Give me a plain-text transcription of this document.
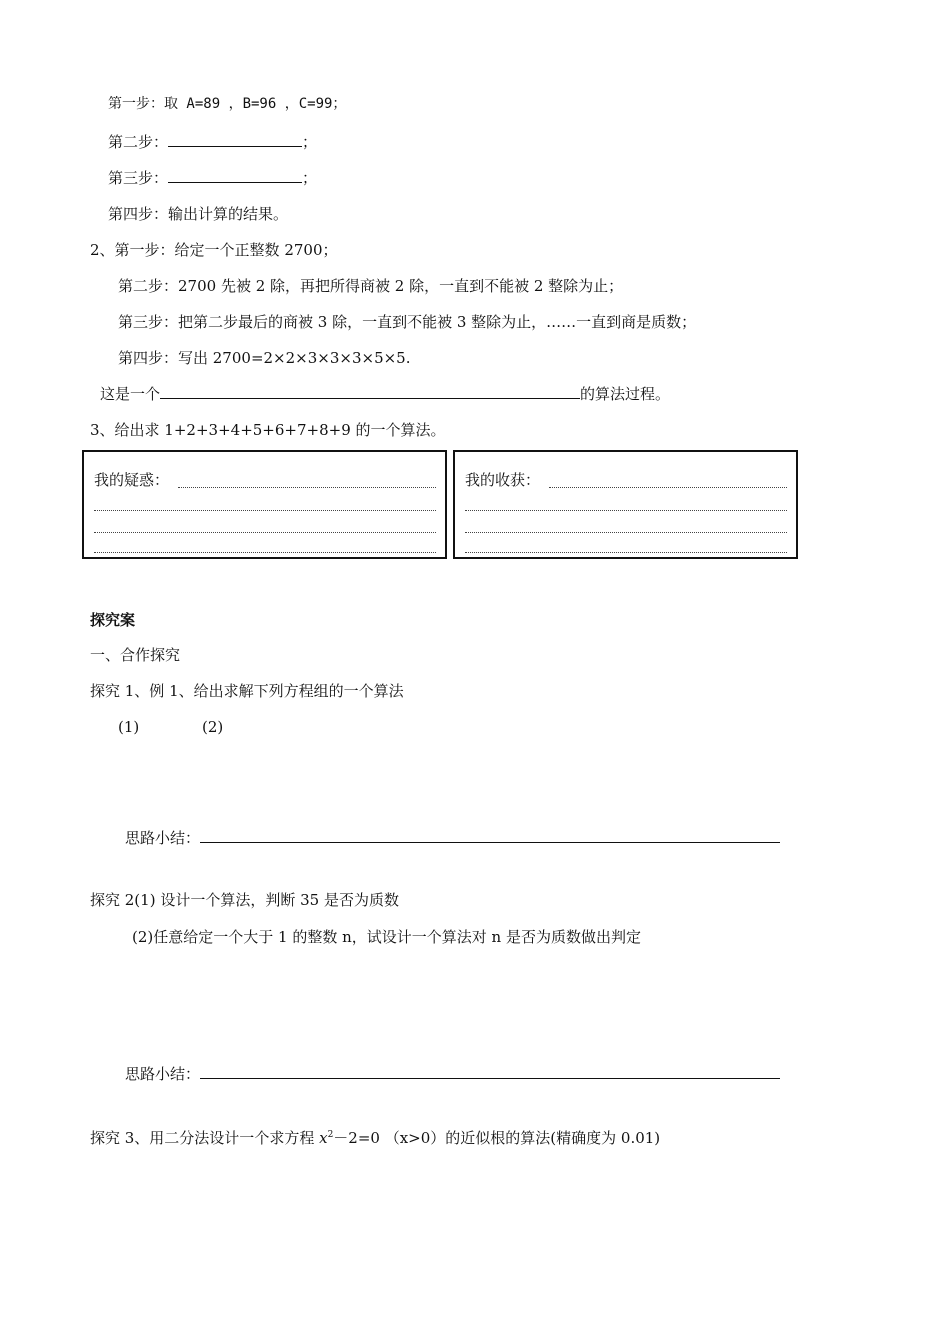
第一步：取 A=89 ，B=96 ，C=99；
第二步：	；
第三步：	；
第四步：输出计算的结果。
2、第一步：给定一个正整数 2700；
第二步：2700 先被 2 除，再把所得商被 2 除，一直到不能被 2 整除为止；
第三步：把第二步最后的商被 3 除，一直到不能被 3 整除为止，……一直到商是质数；
第四步：写出 2700=2×2×3×3×3×5×5.
这是一个	的算法过程。
3、给出求 1+2+3+4+5+6+7+8+9 的一个算法。
我的疑惑：	我的收获：
探究案
一、合作探究
探究 1、例 1、给出求解下列方程组的一个算法
(1)	(2)
思路小结：
探究 2(1) 设计一个算法，判断 35 是否为质数
(2)任意给定一个大于 1 的整数 n，试设计一个算法对 n 是否为质数做出判定
思路小结：
探究 3、用二分法设计一个求方程 $x^2-2=0$ （x>0）的近似根的算法(精确度为 0.01)
